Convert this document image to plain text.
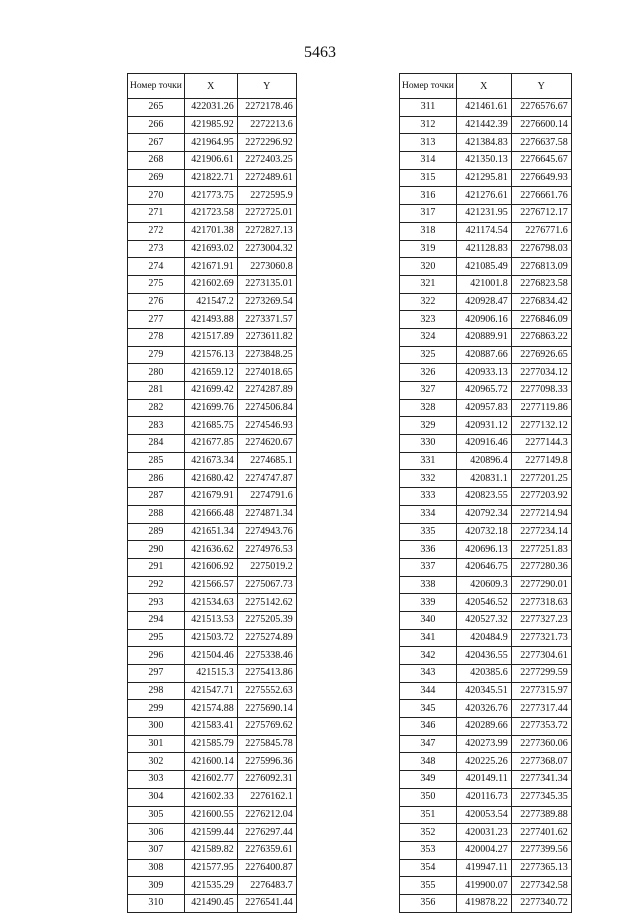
5463
Номер точки	X	Y
265	422031.26	2272178.46
266	421985.92	2272213.6
267	421964.95	2272296.92
268	421906.61	2272403.25
269	421822.71	2272489.61
270	421773.75	2272595.9
271	421723.58	2272725.01
272	421701.38	2272827.13
273	421693.02	2273004.32
274	421671.91	2273060.8
275	421602.69	2273135.01
276	421547.2	2273269.54
277	421493.88	2273371.57
278	421517.89	2273611.82
279	421576.13	2273848.25
280	421659.12	2274018.65
281	421699.42	2274287.89
282	421699.76	2274506.84
283	421685.75	2274546.93
284	421677.85	2274620.67
285	421673.34	2274685.1
286	421680.42	2274747.87
287	421679.91	2274791.6
288	421666.48	2274871.34
289	421651.34	2274943.76
290	421636.62	2274976.53
291	421606.92	2275019.2
292	421566.57	2275067.73
293	421534.63	2275142.62
294	421513.53	2275205.39
295	421503.72	2275274.89
296	421504.46	2275338.46
297	421515.3	2275413.86
298	421547.71	2275552.63
299	421574.88	2275690.14
300	421583.41	2275769.62
301	421585.79	2275845.78
302	421600.14	2275996.36
303	421602.77	2276092.31
304	421602.33	2276162.1
305	421600.55	2276212.04
306	421599.44	2276297.44
307	421589.82	2276359.61
308	421577.95	2276400.87
309	421535.29	2276483.7
310	421490.45	2276541.44
Номер точки	X	Y
311	421461.61	2276576.67
312	421442.39	2276600.14
313	421384.83	2276637.58
314	421350.13	2276645.67
315	421295.81	2276649.93
316	421276.61	2276661.76
317	421231.95	2276712.17
318	421174.54	2276771.6
319	421128.83	2276798.03
320	421085.49	2276813.09
321	421001.8	2276823.58
322	420928.47	2276834.42
323	420906.16	2276846.09
324	420889.91	2276863.22
325	420887.66	2276926.65
326	420933.13	2277034.12
327	420965.72	2277098.33
328	420957.83	2277119.86
329	420931.12	2277132.12
330	420916.46	2277144.3
331	420896.4	2277149.8
332	420831.1	2277201.25
333	420823.55	2277203.92
334	420792.34	2277214.94
335	420732.18	2277234.14
336	420696.13	2277251.83
337	420646.75	2277280.36
338	420609.3	2277290.01
339	420546.52	2277318.63
340	420527.32	2277327.23
341	420484.9	2277321.73
342	420436.55	2277304.61
343	420385.6	2277299.59
344	420345.51	2277315.97
345	420326.76	2277317.44
346	420289.66	2277353.72
347	420273.99	2277360.06
348	420225.26	2277368.07
349	420149.11	2277341.34
350	420116.73	2277345.35
351	420053.54	2277389.88
352	420031.23	2277401.62
353	420004.27	2277399.56
354	419947.11	2277365.13
355	419900.07	2277342.58
356	419878.22	2277340.72
